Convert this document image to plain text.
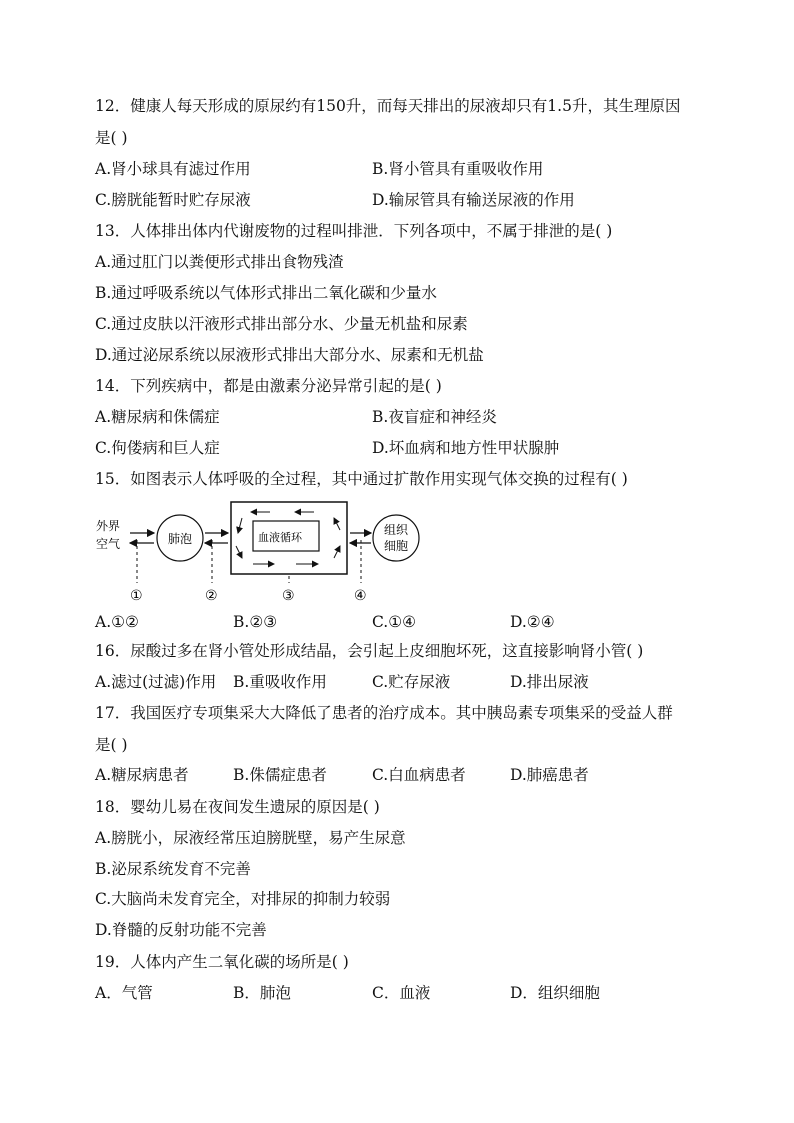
12．健康人每天形成的原尿约有150升，而每天排出的尿液却只有1.5升，其生理原因
是( )
A.肾小球具有滤过作用	B.肾小管具有重吸收作用
C.膀胱能暂时贮存尿液	D.输尿管具有输送尿液的作用
13．人体排出体内代谢废物的过程叫排泄．下列各项中，不属于排泄的是( )
A.通过肛门以粪便形式排出食物残渣
B.通过呼吸系统以气体形式排出二氧化碳和少量水
C.通过皮肤以汗液形式排出部分水、少量无机盐和尿素
D.通过泌尿系统以尿液形式排出大部分水、尿素和无机盐
14．下列疾病中，都是由激素分泌异常引起的是( )
A.糖尿病和侏儒症	B.夜盲症和神经炎
C.佝偻病和巨人症	D.坏血病和地方性甲状腺肿
15．如图表示人体呼吸的全过程，其中通过扩散作用实现气体交换的过程有( )
外界
空气	肺泡	血液循环
组织
细胞
①	②	③	④
A.①②	B.②③	C.①④	D.②④
16．尿酸过多在肾小管处形成结晶，会引起上皮细胞坏死，这直接影响肾小管( )
A.滤过(过滤)作用 B.重吸收作用	C.贮存尿液	D.排出尿液
17．我国医疗专项集采大大降低了患者的治疗成本。其中胰岛素专项集采的受益人群
是( )
A.糖尿病患者	B.侏儒症患者	C.白血病患者	D.肺癌患者
18．婴幼儿易在夜间发生遗尿的原因是( )
A.膀胱小，尿液经常压迫膀胱壁，易产生尿意
B.泌尿系统发育不完善
C.大脑尚未发育完全，对排尿的抑制力较弱
D.脊髓的反射功能不完善
19．人体内产生二氧化碳的场所是( )
A．气管	B．肺泡	C．血液	D．组织细胞
